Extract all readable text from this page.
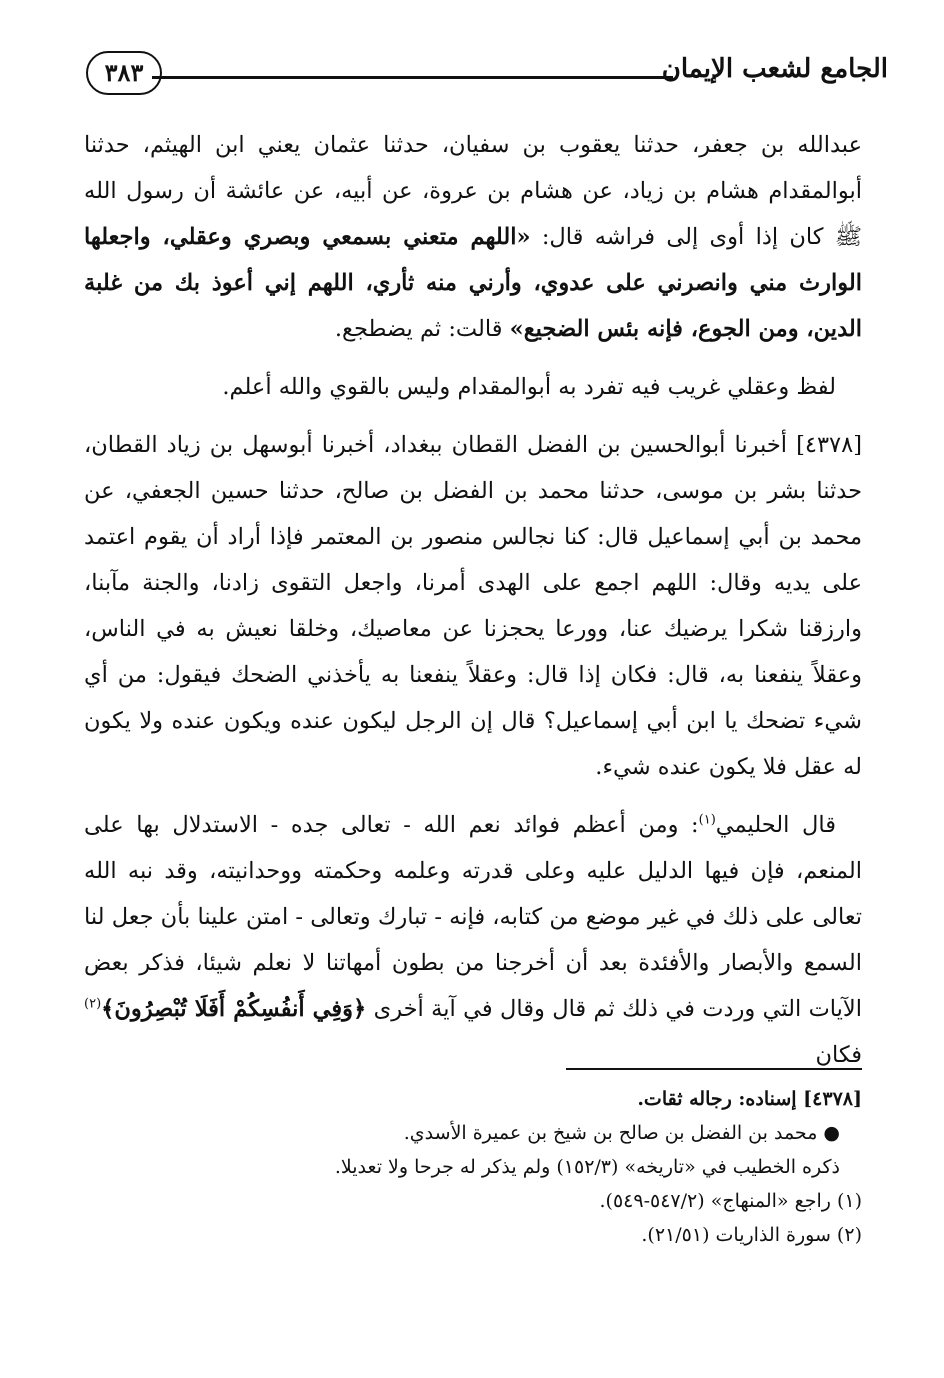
الجامع لشعب الإيمان
٣٨٣

عبدالله بن جعفر، حدثنا يعقوب بن سفيان، حدثنا عثمان يعني ابن الهيثم، حدثنا أبوالمقدام هشام بن زياد، عن هشام بن عروة، عن أبيه، عن عائشة أن رسول الله ﷺ كان إذا أوى إلى فراشه قال: «اللهم متعني بسمعي وبصري وعقلي، واجعلها الوارث مني وانصرني على عدوي، وأرني منه ثأري، اللهم إني أعوذ بك من غلبة الدين، ومن الجوع، فإنه بئس الضجيع» قالت: ثم يضطجع.

لفظ وعقلي غريب فيه تفرد به أبوالمقدام وليس بالقوي والله أعلم.

[٤٣٧٨] أخبرنا أبوالحسين بن الفضل القطان ببغداد، أخبرنا أبوسهل بن زياد القطان، حدثنا بشر بن موسى، حدثنا محمد بن الفضل بن صالح، حدثنا حسين الجعفي، عن محمد بن أبي إسماعيل قال: كنا نجالس منصور بن المعتمر فإذا أراد أن يقوم اعتمد على يديه وقال: اللهم اجمع على الهدى أمرنا، واجعل التقوى زادنا، والجنة مآبنا، وارزقنا شكرا يرضيك عنا، وورعا يحجزنا عن معاصيك، وخلقا نعيش به في الناس، وعقلاً ينفعنا به، قال: فكان إذا قال: وعقلاً ينفعنا به يأخذني الضحك فيقول: من أي شيء تضحك يا ابن أبي إسماعيل؟ قال إن الرجل ليكون عنده ويكون عنده ولا يكون له عقل فلا يكون عنده شيء.

قال الحليمي$^{(١)}$: ومن أعظم فوائد نعم الله - تعالى جده - الاستدلال بها على المنعم، فإن فيها الدليل عليه وعلى قدرته وعلمه وحكمته ووحدانيته، وقد نبه الله تعالى على ذلك في غير موضع من كتابه، فإنه - تبارك وتعالى - امتن علينا بأن جعل لنا السمع والأبصار والأفئدة بعد أن أخرجنا من بطون أمهاتنا لا نعلم شيئا، فذكر بعض الآيات التي وردت في ذلك ثم قال وقال في آية أخرى ﴿وَفِي أَنفُسِكُمْ أَفَلَا تُبْصِرُونَ﴾$^{(٢)}$ فكان

[٤٣٧٨] إسناده: رجاله ثقات.
● محمد بن الفضل بن صالح بن شيخ بن عميرة الأسدي.
ذكره الخطيب في «تاريخه» (١٥٢/٣) ولم يذكر له جرحا ولا تعديلا.
(١) راجع «المنهاج» (٥٤٧/٢-٥٤٩).
(٢) سورة الذاريات (٢١/٥١).
